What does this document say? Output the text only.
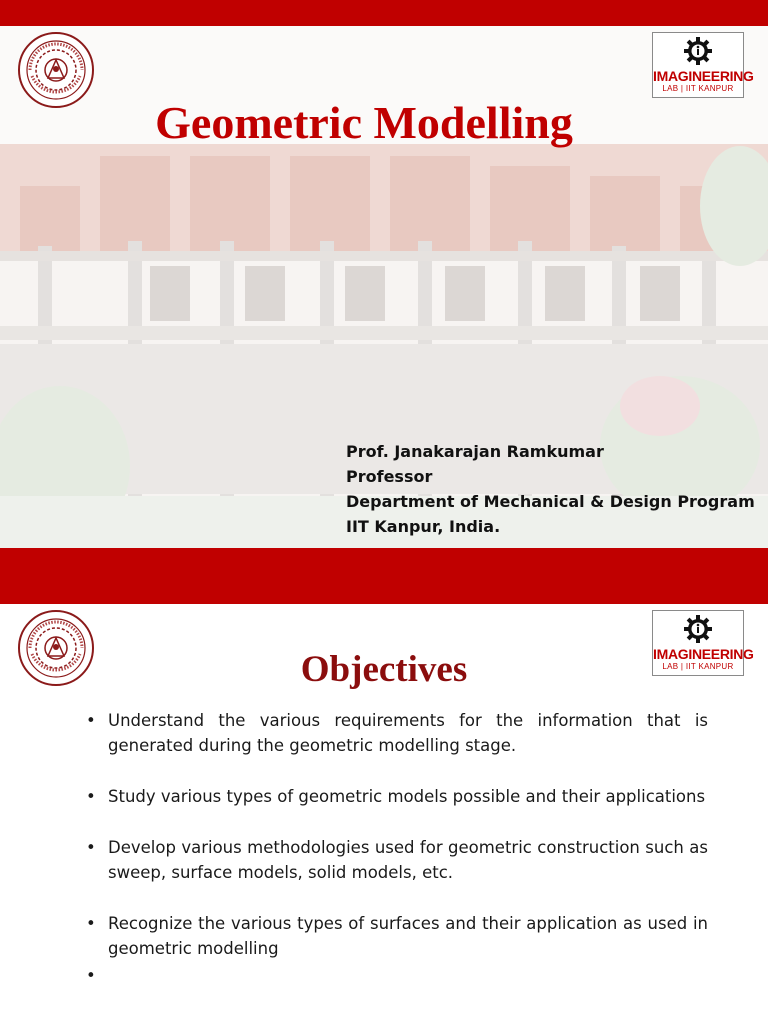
IMAGINEERING
LAB | IIT KANPUR
Geometric Modelling
Prof. Janakarajan Ramkumar
Professor
Department of Mechanical & Design Program
IIT Kanpur, India.
IMAGINEERING
LAB | IIT KANPUR
Objectives
• Understand the various requirements for the information that is generated during the geometric modelling stage.
• Study various types of geometric models possible and their applications
• Develop various methodologies used for geometric construction such as sweep, surface models, solid models, etc.
• Recognize the various types of surfaces and their application as used in geometric modelling
•
